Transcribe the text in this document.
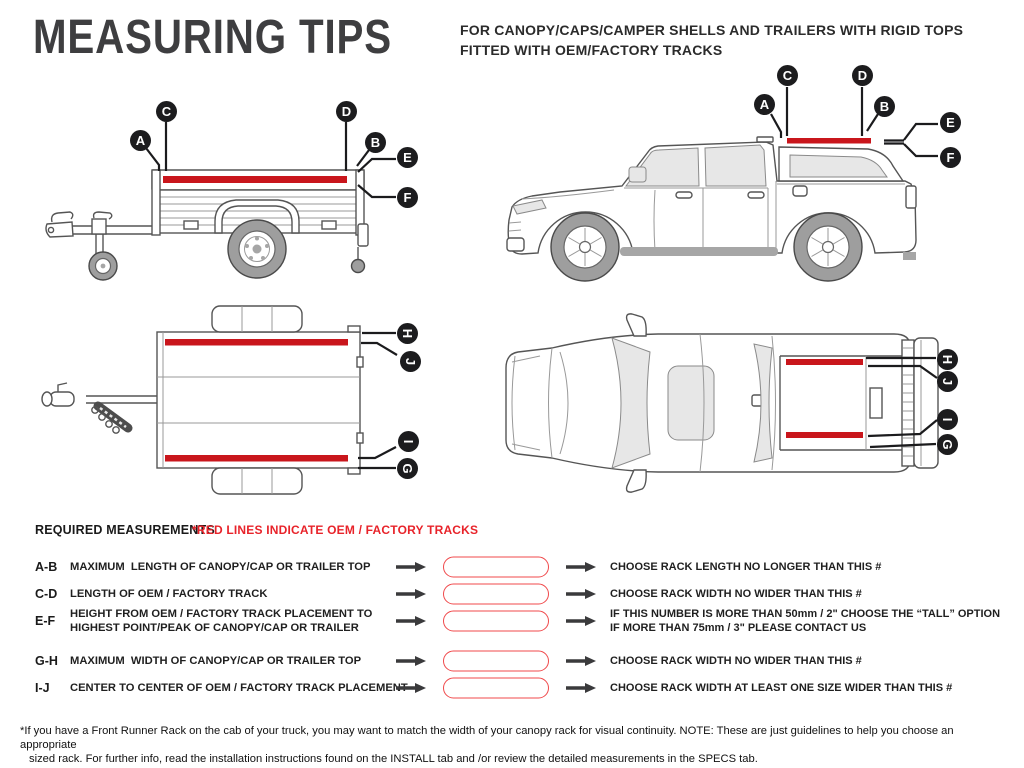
MEASURING TIPS	FOR CANOPY/CAPS/CAMPER SHELLS AND TRAILERS WITH RIGID TOPS
FITTED WITH OEM/FACTORY TRACKS
A
C	D
B
E
F
A
C	D
B
E
F
H
J
I
G
H
J
I
G
REQUIRED MEASUREMENTS
*RED LINES INDICATE OEM / FACTORY TRACKS
A-B MAXIMUM  LENGTH OF CANOPY/CAP OR TRAILER TOP	CHOOSE RACK LENGTH NO LONGER THAN THIS #
C-D LENGTH OF OEM / FACTORY TRACK	CHOOSE RACK WIDTH NO WIDER THAN THIS #
E-F HEIGHT FROM OEM / FACTORY TRACK PLACEMENT TO
HIGHEST POINT/PEAK OF CANOPY/CAP OR TRAILER
IF THIS NUMBER IS MORE THAN 50mm / 2" CHOOSE THE “TALL” OPTION
IF MORE THAN 75mm / 3" PLEASE CONTACT US
G-H MAXIMUM  WIDTH OF CANOPY/CAP OR TRAILER TOP	CHOOSE RACK WIDTH NO WIDER THAN THIS #
I-J CENTER TO CENTER OF OEM / FACTORY TRACK PLACEMENT	CHOOSE RACK WIDTH AT LEAST ONE SIZE WIDER THAN THIS #
*If you have a Front Runner Rack on the cab of your truck, you may want to match the width of your canopy rack for visual continuity. NOTE: These are just guidelines to help you choose an appropriate
sized rack. For further info, read the installation instructions found on the INSTALL tab and /or review the detailed measurements in the SPECS tab.
